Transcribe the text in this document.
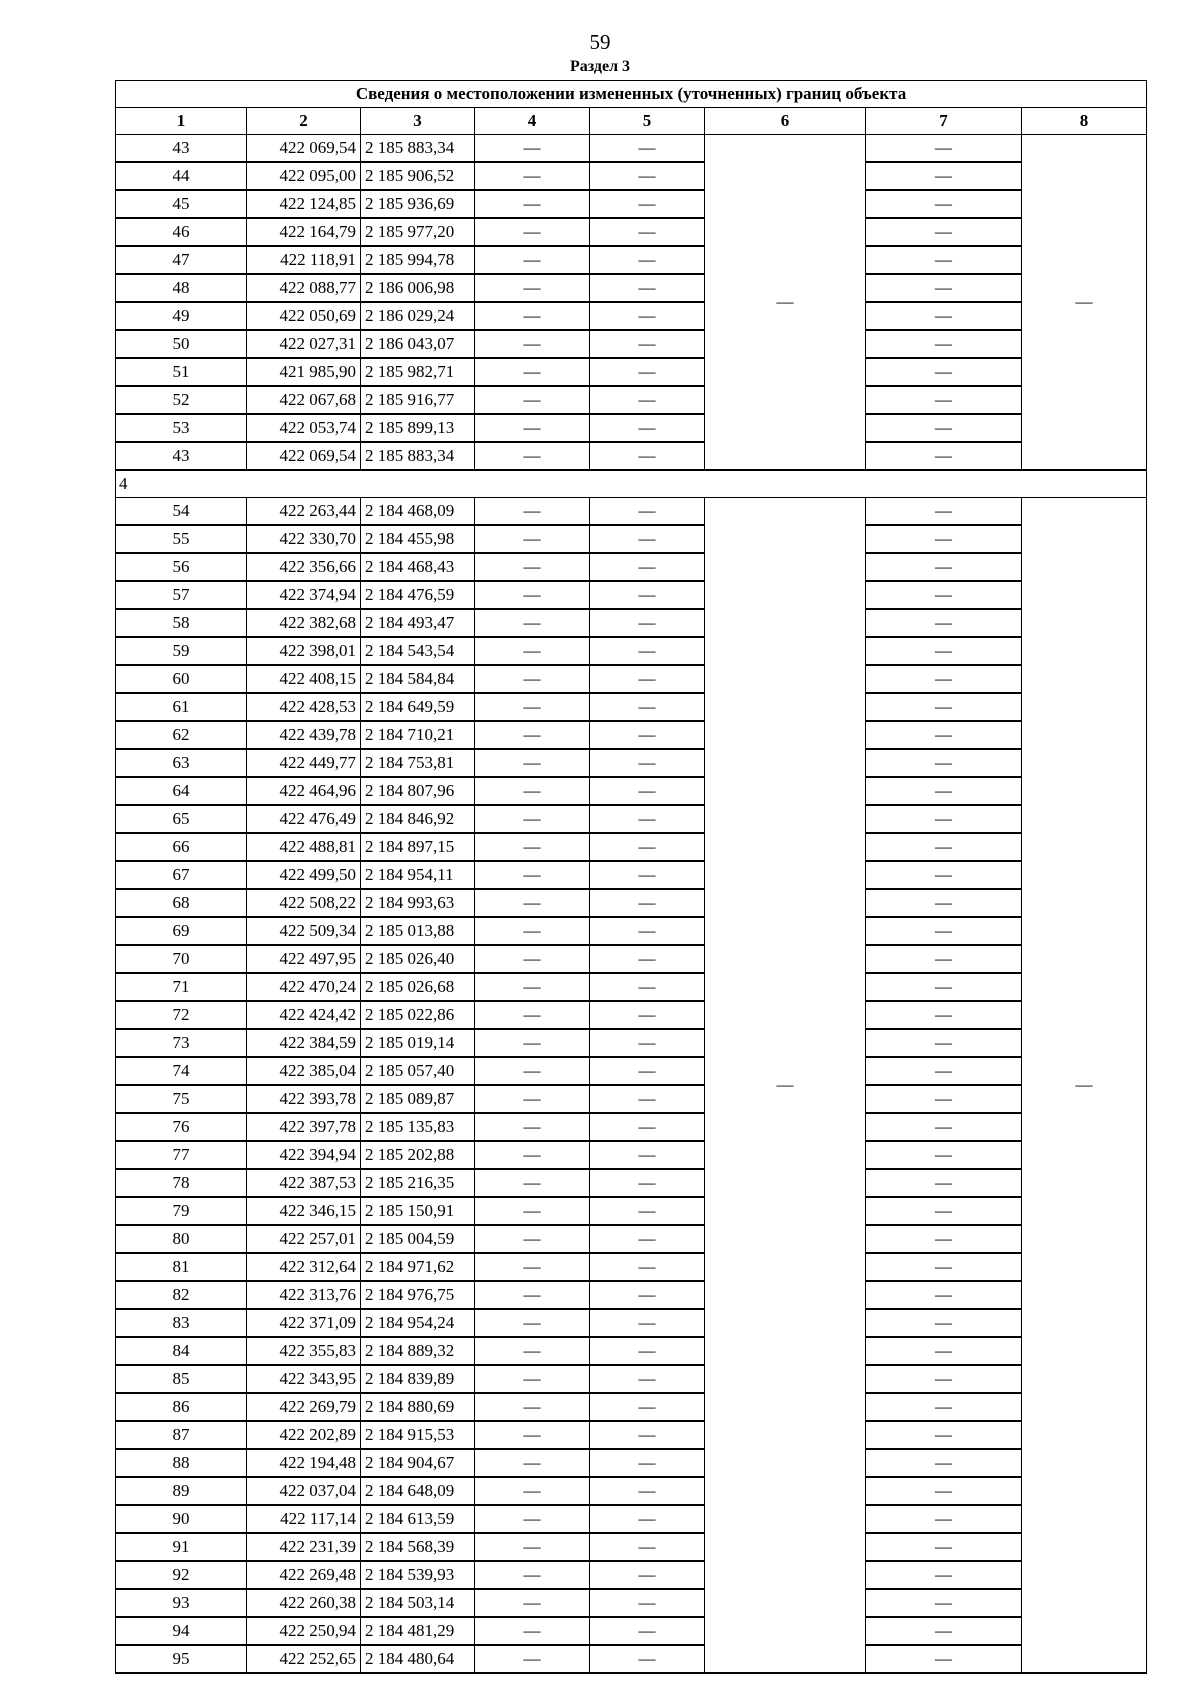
59
Раздел 3
Сведения о местоположении измененных (уточненных) границ объекта							
1	2	3	4	5	6	7	8
43	422 069,54	2 185 883,34	—	—	—	—	—
44	422 095,00	2 185 906,52	—	—		—	
45	422 124,85	2 185 936,69	—	—		—	
46	422 164,79	2 185 977,20	—	—		—	
47	422 118,91	2 185 994,78	—	—		—	
48	422 088,77	2 186 006,98	—	—		—	
49	422 050,69	2 186 029,24	—	—		—	
50	422 027,31	2 186 043,07	—	—		—	
51	421 985,90	2 185 982,71	—	—		—	
52	422 067,68	2 185 916,77	—	—		—	
53	422 053,74	2 185 899,13	—	—		—	
43	422 069,54	2 185 883,34	—	—		—	
4							
54	422 263,44	2 184 468,09	—	—	—	—	—
55	422 330,70	2 184 455,98	—	—		—	
56	422 356,66	2 184 468,43	—	—		—	
57	422 374,94	2 184 476,59	—	—		—	
58	422 382,68	2 184 493,47	—	—		—	
59	422 398,01	2 184 543,54	—	—		—	
60	422 408,15	2 184 584,84	—	—		—	
61	422 428,53	2 184 649,59	—	—		—	
62	422 439,78	2 184 710,21	—	—		—	
63	422 449,77	2 184 753,81	—	—		—	
64	422 464,96	2 184 807,96	—	—		—	
65	422 476,49	2 184 846,92	—	—		—	
66	422 488,81	2 184 897,15	—	—		—	
67	422 499,50	2 184 954,11	—	—		—	
68	422 508,22	2 184 993,63	—	—		—	
69	422 509,34	2 185 013,88	—	—		—	
70	422 497,95	2 185 026,40	—	—		—	
71	422 470,24	2 185 026,68	—	—		—	
72	422 424,42	2 185 022,86	—	—		—	
73	422 384,59	2 185 019,14	—	—		—	
74	422 385,04	2 185 057,40	—	—		—	
75	422 393,78	2 185 089,87	—	—		—	
76	422 397,78	2 185 135,83	—	—		—	
77	422 394,94	2 185 202,88	—	—		—	
78	422 387,53	2 185 216,35	—	—		—	
79	422 346,15	2 185 150,91	—	—		—	
80	422 257,01	2 185 004,59	—	—		—	
81	422 312,64	2 184 971,62	—	—		—	
82	422 313,76	2 184 976,75	—	—		—	
83	422 371,09	2 184 954,24	—	—		—	
84	422 355,83	2 184 889,32	—	—		—	
85	422 343,95	2 184 839,89	—	—		—	
86	422 269,79	2 184 880,69	—	—		—	
87	422 202,89	2 184 915,53	—	—		—	
88	422 194,48	2 184 904,67	—	—		—	
89	422 037,04	2 184 648,09	—	—		—	
90	422 117,14	2 184 613,59	—	—		—	
91	422 231,39	2 184 568,39	—	—		—	
92	422 269,48	2 184 539,93	—	—		—	
93	422 260,38	2 184 503,14	—	—		—	
94	422 250,94	2 184 481,29	—	—		—	
95	422 252,65	2 184 480,64	—	—		—	
